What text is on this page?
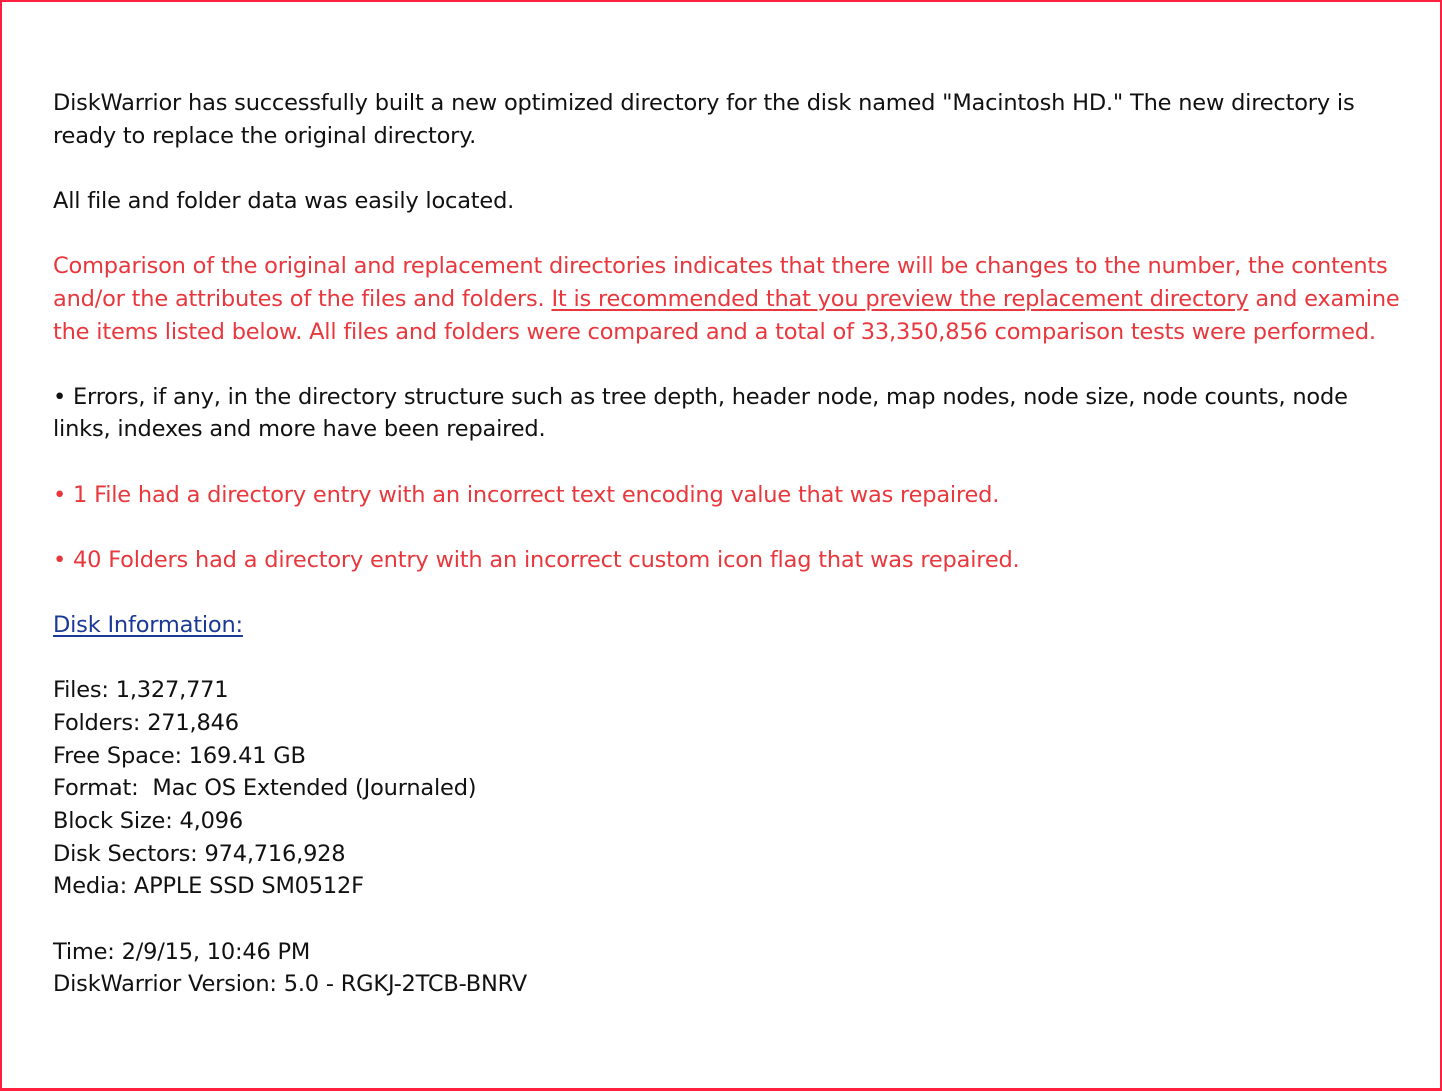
DiskWarrior has successfully built a new optimized directory for the disk named "Macintosh HD." The new directory is ready to replace the original directory.

All file and folder data was easily located.

Comparison of the original and replacement directories indicates that there will be changes to the number, the contents and/or the attributes of the files and folders. It is recommended that you preview the replacement directory and examine the items listed below. All files and folders were compared and a total of 33,350,856 comparison tests were performed.

• Errors, if any, in the directory structure such as tree depth, header node, map nodes, node size, node counts, node links, indexes and more have been repaired.

• 1 File had a directory entry with an incorrect text encoding value that was repaired.

• 40 Folders had a directory entry with an incorrect custom icon flag that was repaired.

Disk Information:

Files: 1,327,771
Folders: 271,846
Free Space: 169.41 GB
Format:  Mac OS Extended (Journaled)
Block Size: 4,096
Disk Sectors: 974,716,928
Media: APPLE SSD SM0512F
Time: 2/9/15, 10:46 PM
DiskWarrior Version: 5.0 - RGKJ-2TCB-BNRV
